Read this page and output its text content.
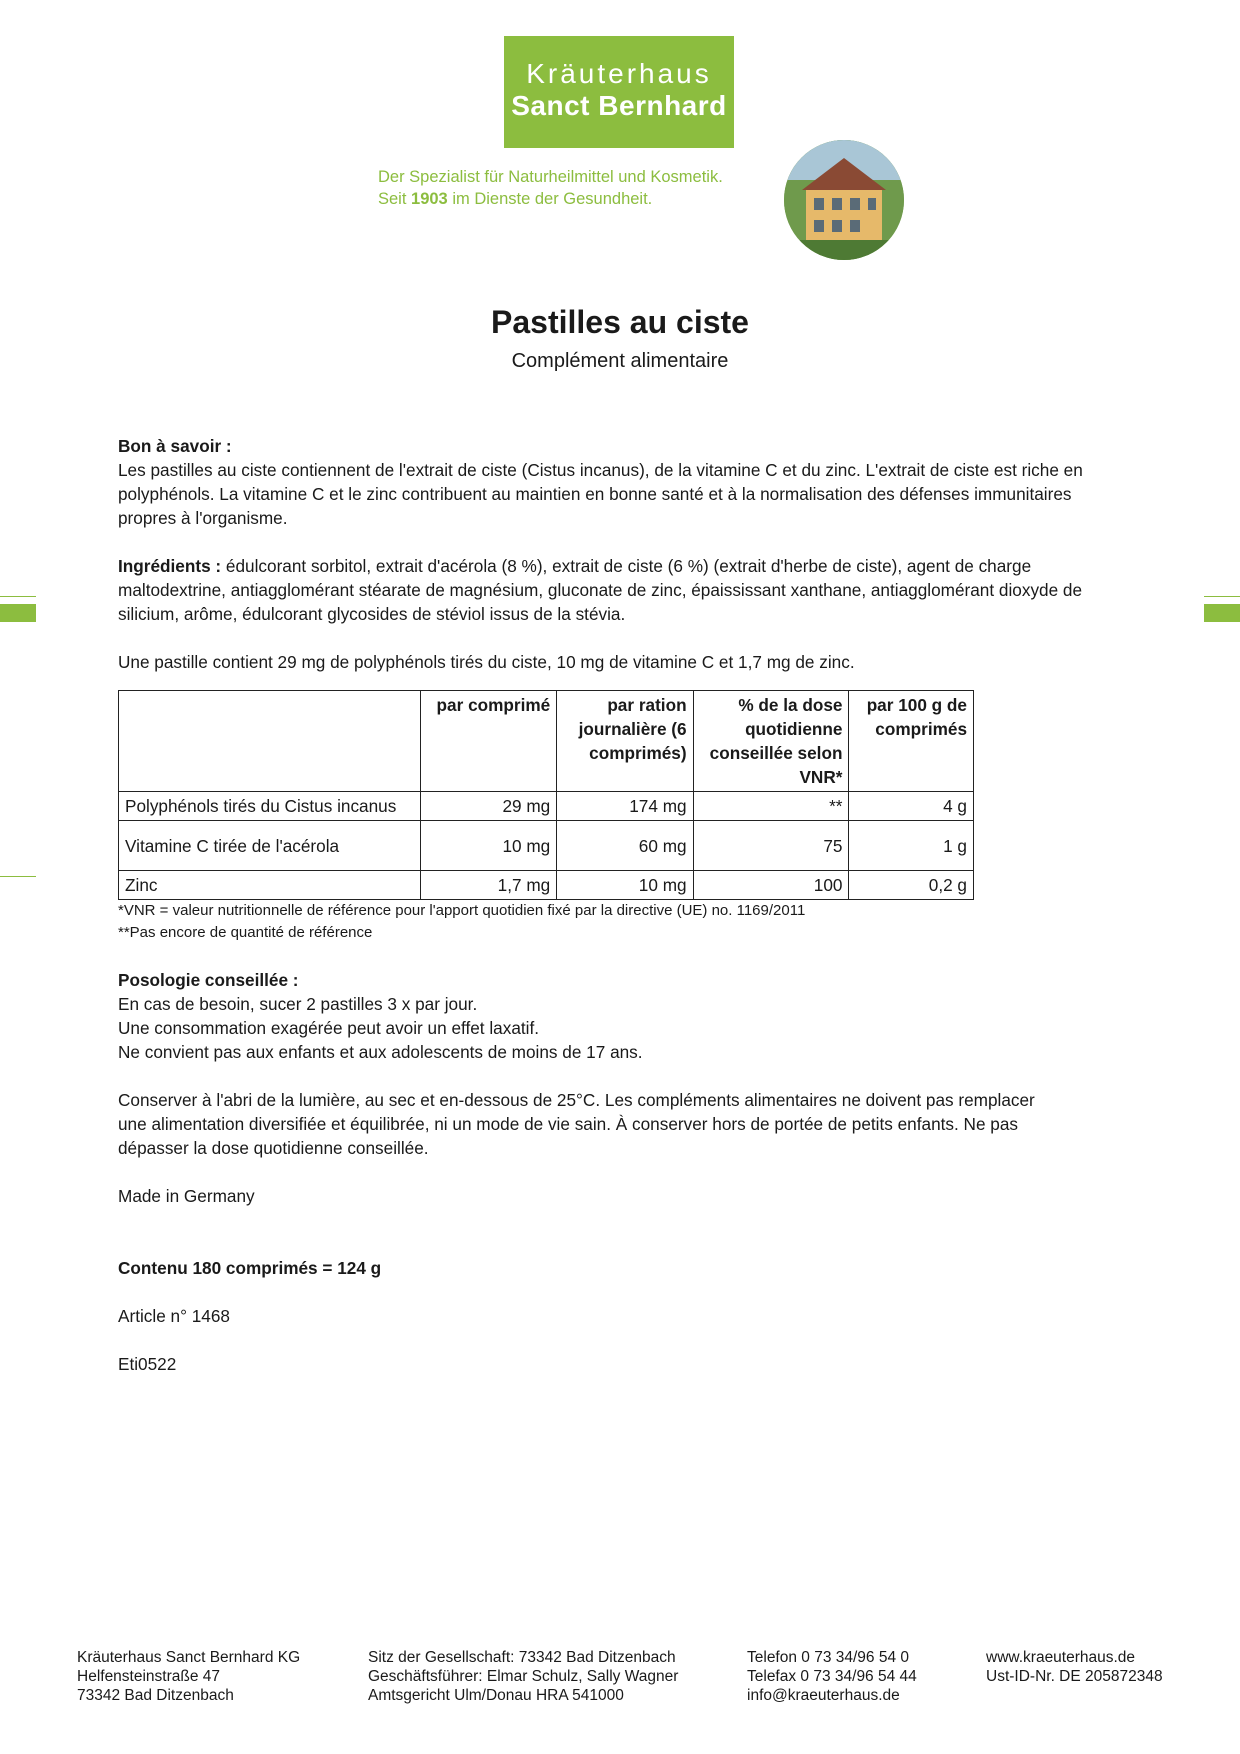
Kräuterhaus
Sanct Bernhard
Der Spezialist für Naturheilmittel und Kosmetik.
Seit 1903 im Dienste der Gesundheit.
Pastilles au ciste
Complément alimentaire

Bon à savoir :

Les pastilles au ciste contiennent de l'extrait de ciste (Cistus incanus), de la vitamine C et du zinc. L'extrait de ciste est riche en polyphénols. La vitamine C et le zinc contribuent au maintien en bonne santé et à la normalisation des défenses immunitaires propres à l'organisme.

Ingrédients : édulcorant sorbitol, extrait d'acérola (8 %), extrait de ciste (6 %) (extrait d'herbe de ciste), agent de charge maltodextrine, antiagglomérant stéarate de magnésium, gluconate de zinc, épaississant xanthane, antiagglomérant dioxyde de silicium, arôme, édulcorant glycosides de stéviol issus de la stévia.

Une pastille contient 29 mg de polyphénols tirés du ciste, 10 mg de vitamine C et 1,7 mg de zinc.

	par comprimé	par ration journalière (6 comprimés)	% de la dose quotidienne conseillée selon VNR*	par 100 g de comprimés
Polyphénols tirés du Cistus incanus	29 mg	174 mg	**	4 g
Vitamine C tirée de l'acérola	10 mg	60 mg	75	1 g
Zinc	1,7 mg	10 mg	100	0,2 g

*VNR = valeur nutritionnelle de référence pour l'apport quotidien fixé par la directive (UE) no. 1169/2011

**Pas encore de quantité de référence

Posologie conseillée :

En cas de besoin, sucer 2 pastilles 3 x par jour.

Une consommation exagérée peut avoir un effet laxatif.

Ne convient pas aux enfants et aux adolescents de moins de 17 ans.

Conserver à l'abri de la lumière, au sec et en-dessous de 25°C. Les compléments alimentaires ne doivent pas remplacer une alimentation diversifiée et équilibrée, ni un mode de vie sain. À conserver hors de portée de petits enfants. Ne pas dépasser la dose quotidienne conseillée.

Made in Germany

Contenu 180 comprimés = 124 g

Article n° 1468

Eti0522

Kräuterhaus Sanct Bernhard KG
Helfensteinstraße 47
73342 Bad Ditzenbach
Sitz der Gesellschaft: 73342 Bad Ditzenbach
Geschäftsführer: Elmar Schulz, Sally Wagner
Amtsgericht Ulm/Donau HRA 541000
Telefon 0 73 34/96 54 0
Telefax 0 73 34/96 54 44
info@kraeuterhaus.de
www.kraeuterhaus.de
Ust-ID-Nr. DE 205872348
